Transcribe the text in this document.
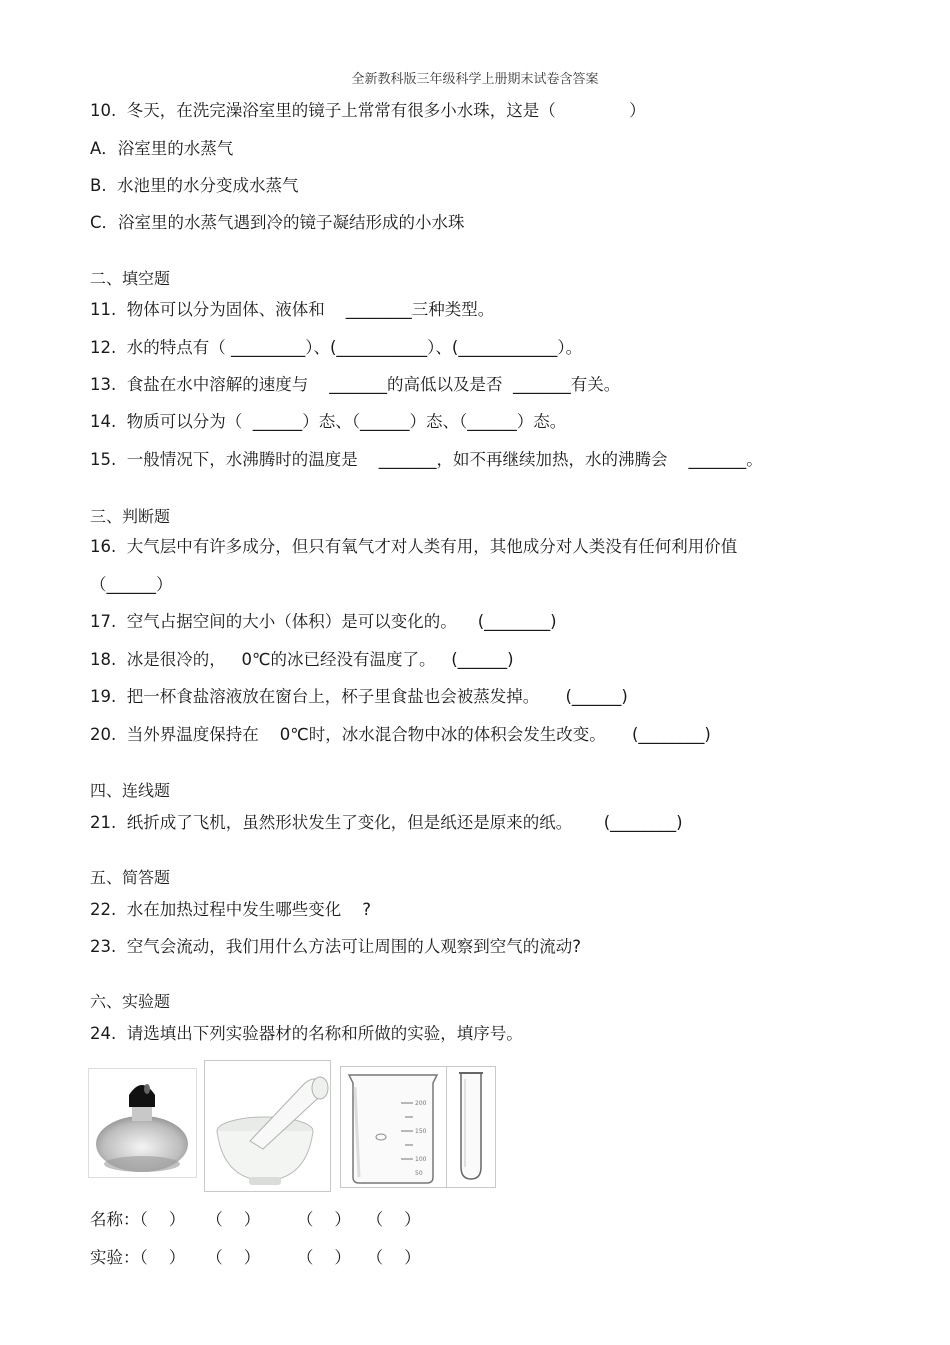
全新教科版三年级科学上册期末试卷含答案
10.  冬天，在洗完澡浴室里的镜子上常常有很多小水珠，这是（              ）
A．浴室里的水蒸气
B.  水池里的水分变成水蒸气
C．浴室里的水蒸气遇到冷的镜子凝结形成的小水珠
二、填空题
11.  物体可以分为固体、液体和    ________三种类型。
12.  水的特点有（ _________）、(___________）、(____________）。
13.  食盐在水中溶解的速度与    _______的高低以及是否  _______有关。
14.  物质可以分为（  ______）态、（______）态、（______）态。
15.  一般情况下，水沸腾时的温度是    _______，如不再继续加热，水的沸腾会    _______。
三、判断题
16.  大气层中有许多成分，但只有氧气才对人类有用，其他成分对人类没有任何利用价值
（______）
17.  空气占据空间的大小（体积）是可以变化的。    (________)
18.  冰是很冷的，   0℃的冰已经没有温度了。   (______)
19.  把一杯食盐溶液放在窗台上，杯子里食盐也会被蒸发掉。     (______)
20.  当外界温度保持在    0℃时，冰水混合物中冰的体积会发生改变。     (________)
四、连线题
21.  纸折成了飞机，虽然形状发生了变化，但是纸还是原来的纸。      (________)
五、简答题
22.  水在加热过程中发生哪些变化    ?
23.  空气会流动，我们用什么方法可让周围的人观察到空气的流动?
六、实验题
24.  请选填出下列实验器材的名称和所做的实验，填序号。
名称：（    ）    （    ）       （    ）   （    ）
实验：（    ）    （    ）       （    ）   （    ）
200
150
100
50
